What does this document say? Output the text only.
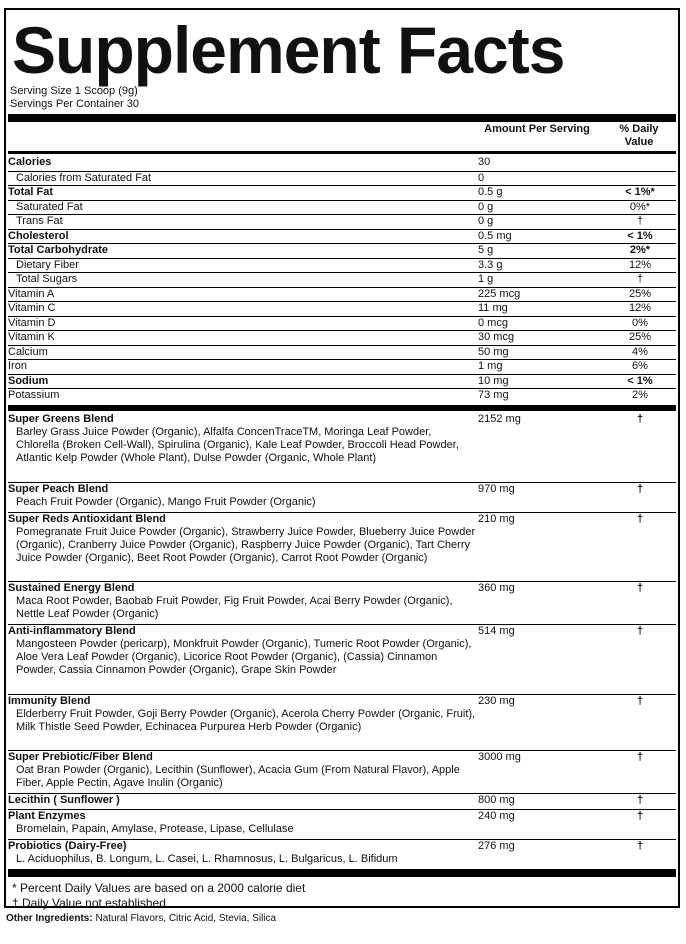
Supplement Facts
Serving Size 1 Scoop (9g)
Servings Per Container 30
Amount Per Serving	% Daily Value
Calories	30
Calories from Saturated Fat	0
Total Fat	0.5 g	< 1%*
Saturated Fat	0 g	0%*
Trans Fat	0 g	†
Cholesterol	0.5 mg	< 1%
Total Carbohydrate	5 g	2%*
Dietary Fiber	3.3 g	12%
Total Sugars	1 g	†
Vitamin A	225 mcg	25%
Vitamin C	11 mg	12%
Vitamin D	0 mcg	0%
Vitamin K	30 mcg	25%
Calcium	50 mg	4%
Iron	1 mg	6%
Sodium	10 mg	< 1%
Potassium	73 mg	2%
Super Greens Blend	2152 mg	†
Barley Grass Juice Powder (Organic), Alfalfa ConcenTraceTM, Moringa Leaf Powder, Chlorella (Broken Cell-Wall), Spirulina (Organic), Kale Leaf Powder, Broccoli Head Powder, Atlantic Kelp Powder (Whole Plant), Dulse Powder (Organic, Whole Plant)
Super Peach Blend	970 mg	†
Peach Fruit Powder (Organic), Mango Fruit Powder (Organic)
Super Reds Antioxidant Blend	210 mg	†
Pomegranate Fruit Juice Powder (Organic), Strawberry Juice Powder, Blueberry Juice Powder (Organic), Cranberry Juice Powder (Organic), Raspberry Juice Powder (Organic), Tart Cherry Juice Powder (Organic), Beet Root Powder (Organic), Carrot Root Powder (Organic)
Sustained Energy Blend	360 mg	†
Maca Root Powder, Baobab Fruit Powder, Fig Fruit Powder, Acai Berry Powder (Organic), Nettle Leaf Powder (Organic)
Anti-inflammatory Blend	514 mg	†
Mangosteen Powder (pericarp), Monkfruit Powder (Organic), Tumeric Root Powder (Organic), Aloe Vera Leaf Powder (Organic), Licorice Root Powder (Organic), (Cassia) Cinnamon Powder, Cassia Cinnamon Powder (Organic), Grape Skin Powder
Immunity Blend	230 mg	†
Elderberry Fruit Powder, Goji Berry Powder (Organic), Acerola Cherry Powder (Organic, Fruit), Milk Thistle Seed Powder, Echinacea Purpurea Herb Powder (Organic)
Super Prebiotic/Fiber Blend	3000 mg	†
Oat Bran Powder (Organic), Lecithin (Sunflower), Acacia Gum (From Natural Flavor), Apple Fiber, Apple Pectin, Agave Inulin (Organic)
Lecithin ( Sunflower )	800 mg	†
Plant Enzymes	240 mg	†
Bromelain, Papain, Amylase, Protease, Lipase, Cellulase
Probiotics (Dairy-Free)	276 mg	†
L. Aciduophilus, B. Longum, L. Casei, L. Rhamnosus, L. Bulgaricus, L. Bifidum
* Percent Daily Values are based on a 2000 calorie diet
† Daily Value not established
Other Ingredients: Natural Flavors, Citric Acid, Stevia, Silica
